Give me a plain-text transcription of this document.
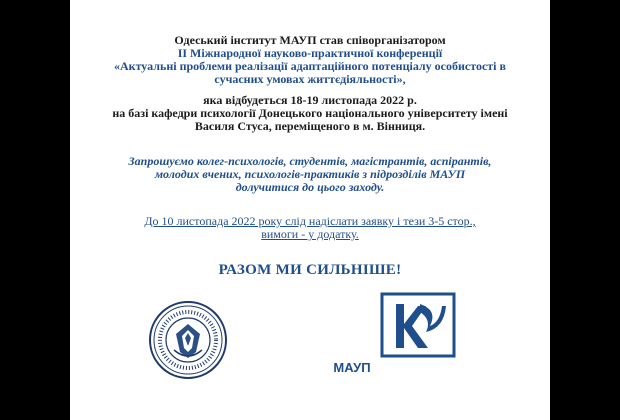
Одеський інститут МАУП став співорганізатором
ІІ Міжнародної науково-практичної конференції
«Актуальні проблеми реалізації адаптаційного потенціалу особистості в
сучасних умовах життєдіяльності»,
яка відбудеться 18-19 листопада 2022 р.
на базі кафедри психології Донецького національного університету імені
Василя Стуса, переміщеного в м. Вінниця.
Запрошуємо колег-психологів, студентів, магістрантів, аспірантів,
молодих вчених, психологів-практиків з підрозділів МАУП
долучитися до цього заходу.
До 10 листопада 2022 року слід надіслати заявку і тези 3-5 стор.,
вимоги - у додатку.
РАЗОМ МИ СИЛЬНІШЕ!
МАУП
